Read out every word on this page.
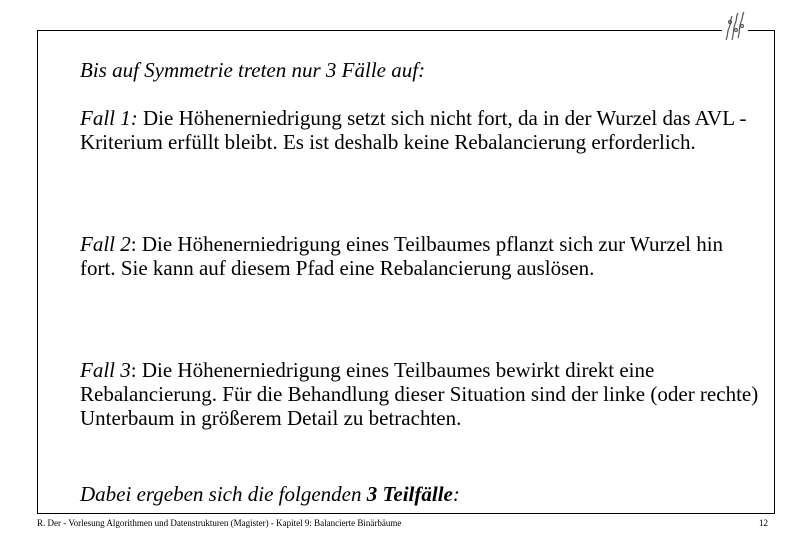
Bis auf Symmetrie treten nur 3 Fälle auf:
Fall 1: Die Höhenerniedrigung setzt sich nicht fort, da in der Wurzel das AVL - Kriterium erfüllt bleibt. Es ist deshalb keine Rebalancierung erforderlich.
Fall 2: Die Höhenerniedrigung eines Teilbaumes pflanzt sich zur Wurzel hin fort. Sie kann auf diesem Pfad eine Rebalancierung auslösen.
Fall 3: Die Höhenerniedrigung eines Teilbaumes bewirkt direkt eine Rebalancierung. Für die Behandlung dieser Situation sind der linke (oder rechte) Unterbaum in größerem Detail zu betrachten.
Dabei ergeben sich die folgenden 3 Teilfälle:
R. Der - Vorlesung Algorithmen und Datenstrukturen (Magister) - Kapitel 9: Balancierte Binärbäume	12
